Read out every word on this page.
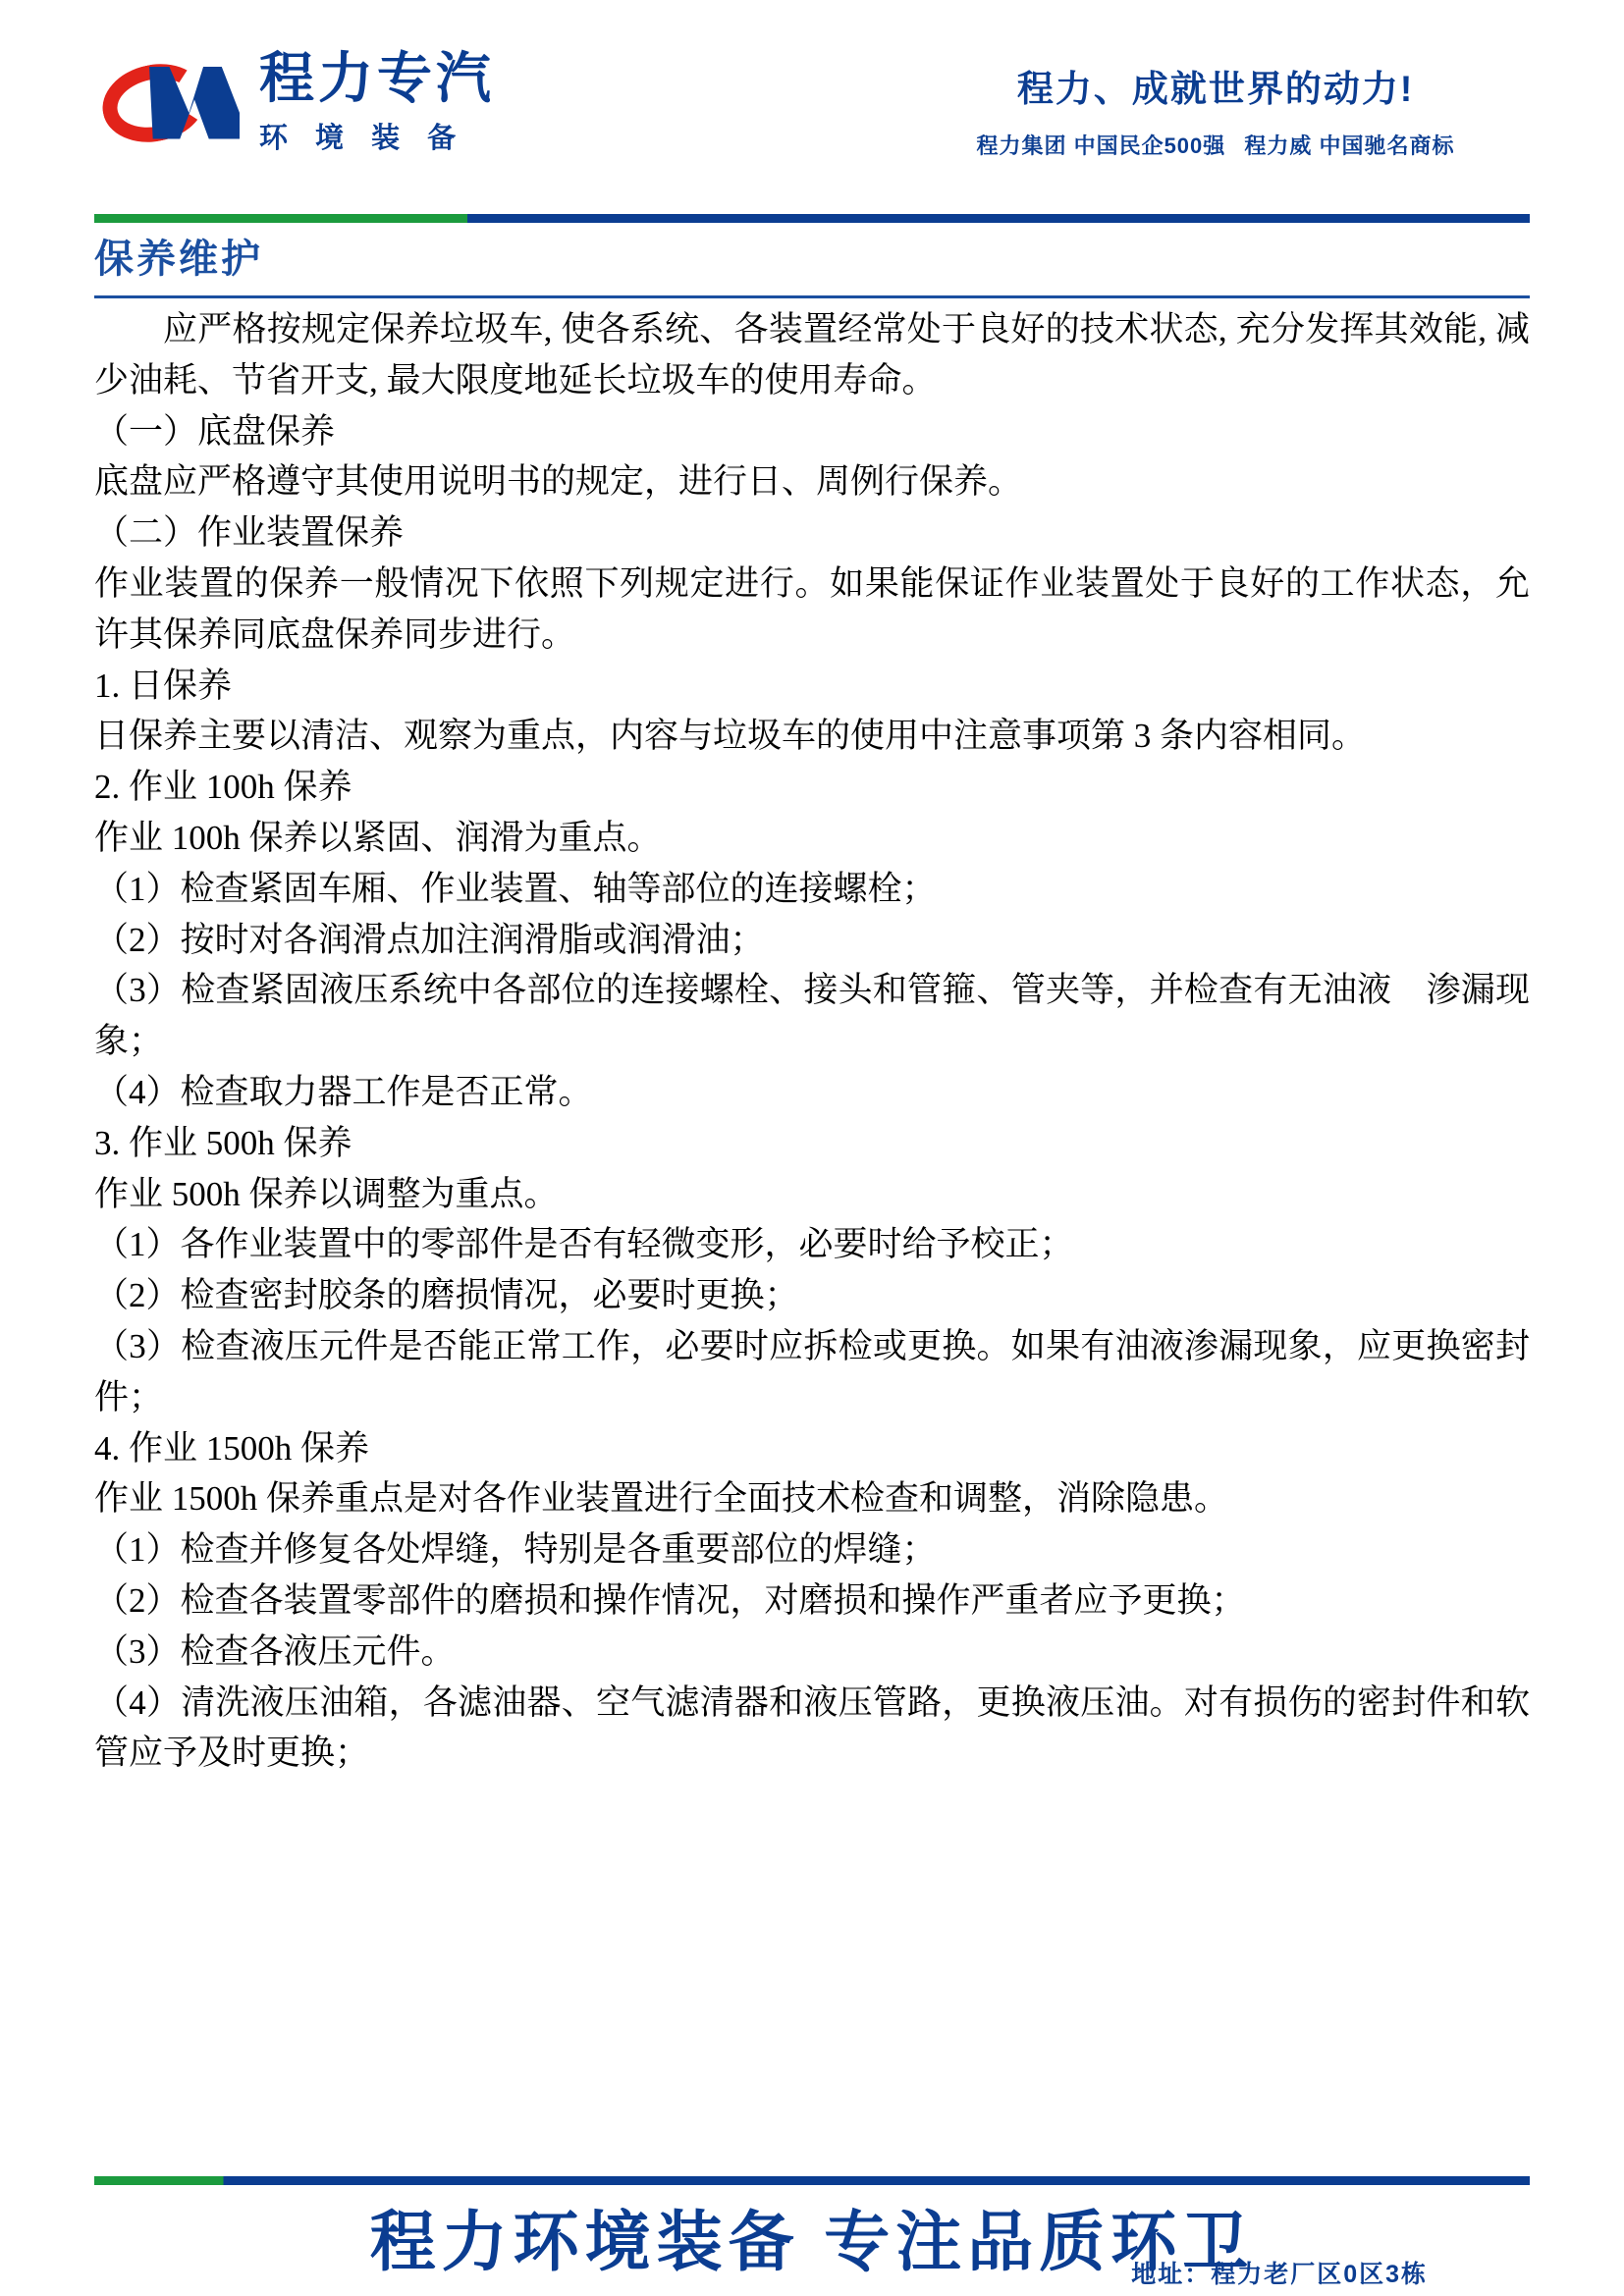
程力专汽
环 境 装 备
程力、成就世界的动力!
程力集团 中国民企500强 程力威 中国驰名商标
保养维护

应严格按规定保养垃圾车, 使各系统、各装置经常处于良好的技术状态, 充分发挥其效能, 减少油耗、节省开支, 最大限度地延长垃圾车的使用寿命。

（一）底盘保养

底盘应严格遵守其使用说明书的规定，进行日、周例行保养。

（二）作业装置保养

作业装置的保养一般情况下依照下列规定进行。如果能保证作业装置处于良好的工作状态，允许其保养同底盘保养同步进行。

1. 日保养

日保养主要以清洁、观察为重点，内容与垃圾车的使用中注意事项第 3 条内容相同。

2. 作业 100h 保养

作业 100h 保养以紧固、润滑为重点。

（1）检查紧固车厢、作业装置、轴等部位的连接螺栓；

（2）按时对各润滑点加注润滑脂或润滑油；

（3）检查紧固液压系统中各部位的连接螺栓、接头和管箍、管夹等，并检查有无油液　渗漏现象；

（4）检查取力器工作是否正常。

3. 作业 500h 保养

作业 500h 保养以调整为重点。

（1）各作业装置中的零部件是否有轻微变形，必要时给予校正；

（2）检查密封胶条的磨损情况，必要时更换；

（3）检查液压元件是否能正常工作，必要时应拆检或更换。如果有油液渗漏现象，应更换密封件；

4. 作业 1500h 保养

作业 1500h 保养重点是对各作业装置进行全面技术检查和调整，消除隐患。

（1）检查并修复各处焊缝，特别是各重要部位的焊缝；

（2）检查各装置零部件的磨损和操作情况，对磨损和操作严重者应予更换；

（3）检查各液压元件。

（4）清洗液压油箱，各滤油器、空气滤清器和液压管路，更换液压油。对有损伤的密封件和软管应予及时更换；

程力环境装备 专注品质环卫
地址：程力老厂区0区3栋
